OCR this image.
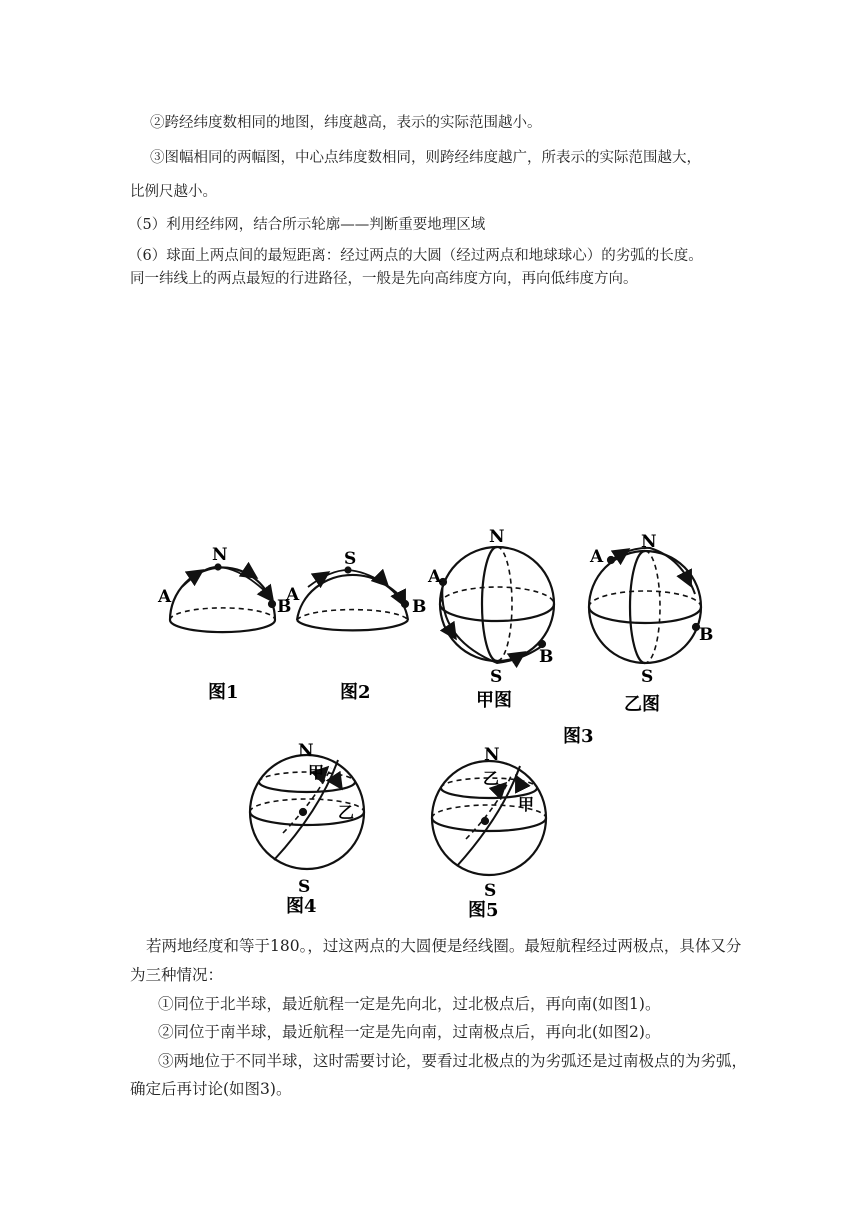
②跨经纬度数相同的地图，纬度越高，表示的实际范围越小。
③图幅相同的两幅图，中心点纬度数相同，则跨经纬度越广，所表示的实际范围越大，
比例尺越小。
（5）利用经纬网，结合所示轮廓——判断重要地理区域
（6）球面上两点间的最短距离：经过两点的大圆（经过两点和地球球心）的劣弧的长度。
同一纬线上的两点最短的行进路径，一般是先向高纬度方向，再向低纬度方向。
N
A	B
图1
S
A
B
图2
N
A
B
S
甲图
N
A
B
S
乙图
图3
N
甲
乙
S
图4
N
乙
甲
S
图5
若两地经度和等于180。，过这两点的大圆便是经线圈。最短航程经过两极点，具体又分
为三种情况：
①同位于北半球，最近航程一定是先向北，过北极点后，再向南(如图1)。
②同位于南半球，最近航程一定是先向南，过南极点后，再向北(如图2)。
③两地位于不同半球，这时需要讨论，要看过北极点的为劣弧还是过南极点的为劣弧，
确定后再讨论(如图3)。
